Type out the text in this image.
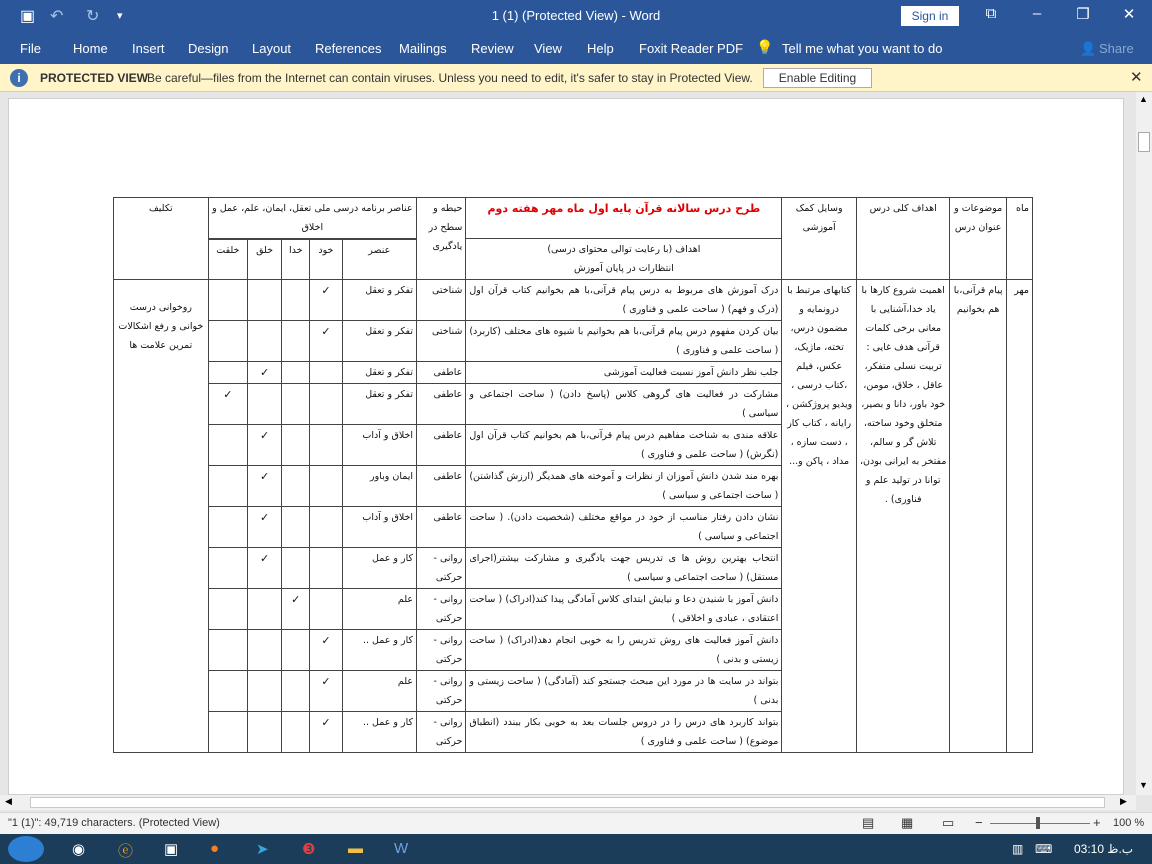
▣ ↶ ↻ ▾	1 (1) (Protected View) - Word	Sign in	⧉	–	❐	✕
File Home Insert Design Layout References Mailings Review View Help Foxit Reader PDF 💡 Tell me what you want to do	👤 Share
i	PROTECTED VIEW
Be careful—files from the Internet can contain viruses. Unless you need to edit, it's safer to stay in Protected View.	Enable Editing	✕
ماه	موضوعات و عنوان درس	اهداف کلی درس	وسایل کمک آموزشی	طرح درس سالانه قرآن پایه اول ماه مهر هفته دوم	حیطه و سطح در یادگیری	عناصر برنامه درسی ملی تعقل، ایمان، علم، عمل و اخلاق					تکلیف

				اهداف (با رعایت توالی محتوای درسی)
انتظارات در پایان آموزش							

						عنصر	خود	خدا	خلق	خلقت	
مهر	پیام قرآنی،با هم بخوانیم	اهمیت شروع کارها با یاد خدا،آشنایی با معانی برخی کلمات قرآنی هدف غایی : تربیت نسلی متفکر، عاقل ، خلاق، مومن، خود باور، دانا و بصیر، متخلق وخود ساخته، تلاش گر و سالم، مفتخر به ایرانی بودن، توانا در تولید علم و فناوری) .	کتابهای مرتبط با درونمایه و مضمون درس، تخته، ماژیک، عکس، فیلم ،کتاب درسی ، ویدیو پروژکشن ، رایانه ، کتاب کار ، دست سازه ، مداد ، پاکن و...	درک آموزش های مربوط به درس پیام قرآنی،با هم بخوانیم کتاب قرآن اول (درک و فهم) ( ساحت علمی و فناوری )	شناختی	تفکر و تعقل	✓				روخوانی درست خوانی و رفع اشکالات تمرین علامت ها
				بیان کردن مفهوم درس پیام قرآنی،با هم بخوانیم با شیوه های مختلف (کاربرد) ( ساحت علمی و فناوری )	شناختی	تفکر و تعقل	✓				
				جلب نظر دانش آموز نسبت فعالیت آموزشی	عاطفی	تفکر و تعقل			✓		
				مشارکت در فعالیت های گروهی کلاس (پاسخ دادن) ( ساحت اجتماعی و سیاسی )	عاطفی	تفکر و تعقل				✓	
				علاقه مندی به شناخت مفاهیم درس پیام قرآنی،با هم بخوانیم کتاب قرآن اول (نگرش) ( ساحت علمی و فناوری )	عاطفی	اخلاق و آداب			✓		
				بهره مند شدن دانش آموزان از نظرات و آموخته های همدیگر (ارزش گذاشتن) ( ساحت اجتماعی و سیاسی )	عاطفی	ایمان وباور			✓		
				نشان دادن رفتار مناسب از خود در مواقع مختلف (شخصیت دادن). ( ساحت اجتماعی و سیاسی )	عاطفی	اخلاق و آداب			✓		
				انتخاب بهترین روش ها ی تدریس جهت یادگیری و مشارکت بیشتر(اجرای مستقل) ( ساحت اجتماعی و سیاسی )	روانی - حرکتی	کار و عمل			✓		
				دانش آموز با شنیدن دعا و نیایش ابتدای کلاس آمادگی پیدا کند(ادراک) ( ساحت اعتقادی ، عبادی و اخلاقی )	روانی - حرکتی	علم		✓			
				دانش آموز فعالیت های روش تدریس را به خوبی انجام دهد(ادراک) ( ساحت زیستی و بدنی )	روانی - حرکتی	کار و عمل ..	✓				
				بتواند در سایت ها در مورد این مبحث جستجو کند (آمادگی) ( ساحت زیستی و بدنی )	روانی - حرکتی	علم	✓				
				بتواند کاربرد های درس را در دروس جلسات بعد به خوبی بکار ببندد (انطباق موضوع) ( ساحت علمی و فناوری )	روانی - حرکتی	کار و عمل ..	✓				
▲
▼
◀	▶
"1 (1)": 49,719 characters. (Protected View)	▤ ▦ ▭ −	+ 100 %
◉ ⓔ ▣ ● ➤ ❸ ▬ W	▥ ⌨ 03:10 ب.ظ
